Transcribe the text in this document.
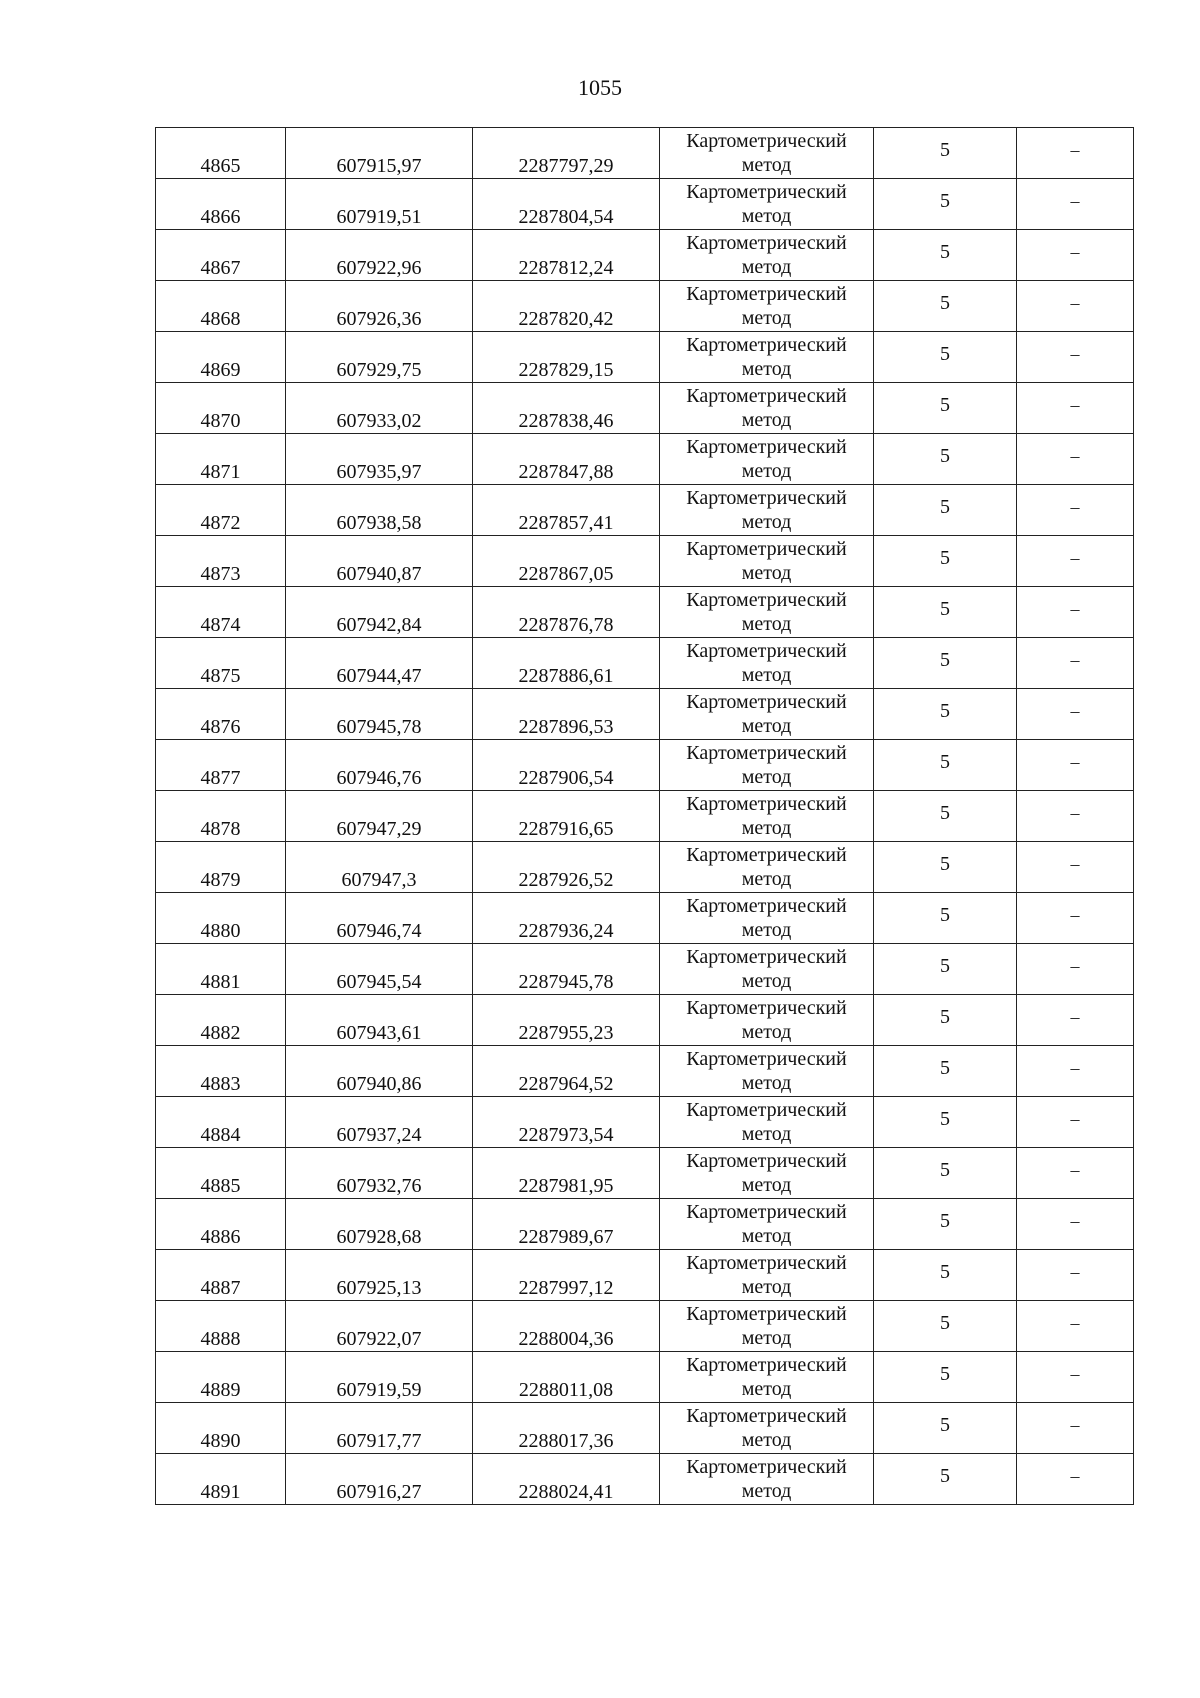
1055
4865	607915,97	2287797,29	Картометрический
метод	5	–

4866	607919,51	2287804,54	Картометрический
метод	5	–

4867	607922,96	2287812,24	Картометрический
метод	5	–

4868	607926,36	2287820,42	Картометрический
метод	5	–

4869	607929,75	2287829,15	Картометрический
метод	5	–

4870	607933,02	2287838,46	Картометрический
метод	5	–

4871	607935,97	2287847,88	Картометрический
метод	5	–

4872	607938,58	2287857,41	Картометрический
метод	5	–

4873	607940,87	2287867,05	Картометрический
метод	5	–

4874	607942,84	2287876,78	Картометрический
метод	5	–

4875	607944,47	2287886,61	Картометрический
метод	5	–

4876	607945,78	2287896,53	Картометрический
метод	5	–

4877	607946,76	2287906,54	Картометрический
метод	5	–

4878	607947,29	2287916,65	Картометрический
метод	5	–

4879	607947,3	2287926,52	Картометрический
метод	5	–

4880	607946,74	2287936,24	Картометрический
метод	5	–

4881	607945,54	2287945,78	Картометрический
метод	5	–

4882	607943,61	2287955,23	Картометрический
метод	5	–

4883	607940,86	2287964,52	Картометрический
метод	5	–

4884	607937,24	2287973,54	Картометрический
метод	5	–

4885	607932,76	2287981,95	Картометрический
метод	5	–

4886	607928,68	2287989,67	Картометрический
метод	5	–

4887	607925,13	2287997,12	Картометрический
метод	5	–

4888	607922,07	2288004,36	Картометрический
метод	5	–

4889	607919,59	2288011,08	Картометрический
метод	5	–

4890	607917,77	2288017,36	Картометрический
метод	5	–

4891	607916,27	2288024,41	Картометрический
метод	5	–
